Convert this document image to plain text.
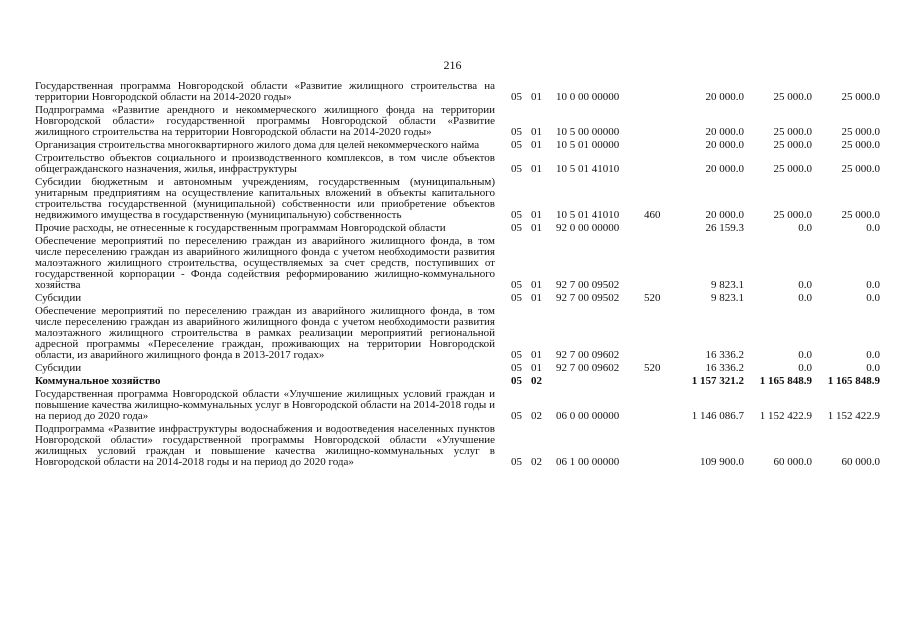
216
Государственная программа Новгородской области «Развитие жилищного строительства на территории Новгородской области на 2014-2020 годы»	05	01	10 0 00 00000		20 000.0	25 000.0	25 000.0
Подпрограмма «Развитие арендного и некоммерческого жилищного фонда на территории Новгородской области» государственной программы Новгородской области «Развитие жилищного строительства на территории Новгородской области на 2014-2020 годы»	05	01	10 5 00 00000		20 000.0	25 000.0	25 000.0
Организация строительства многоквартирного жилого дома для целей некоммерческого найма	05	01	10 5 01 00000		20 000.0	25 000.0	25 000.0
Строительство объектов социального и производственного комплексов, в том числе объектов общегражданского назначения, жилья, инфраструктуры	05	01	10 5 01 41010		20 000.0	25 000.0	25 000.0
Субсидии бюджетным и автономным учреждениям, государственным (муниципальным) унитарным предприятиям на осуществление капитальных вложений в объекты капитального строительства государственной (муниципальной) собственности или приобретение объектов недвижимого имущества в государственную (муниципальную) собственность	05	01	10 5 01 41010	460	20 000.0	25 000.0	25 000.0
Прочие расходы, не отнесенные к государственным программам Новгородской области	05	01	92 0 00 00000		26 159.3	0.0	0.0
Обеспечение мероприятий по переселению граждан из аварийного жилищного фонда, в том числе переселению граждан из аварийного жилищного фонда с учетом необходимости развития малоэтажного жилищного строительства, осуществляемых за счет средств, поступивших от государственной корпорации - Фонда содействия реформированию жилищно-коммунального хозяйства	05	01	92 7 00 09502		9 823.1	0.0	0.0
Субсидии	05	01	92 7 00 09502	520	9 823.1	0.0	0.0
Обеспечение мероприятий по переселению граждан из аварийного жилищного фонда, в том числе переселению граждан из аварийного жилищного фонда с учетом необходимости развития малоэтажного жилищного строительства в рамках реализации мероприятий региональной адресной программы «Переселение граждан, проживающих на территории Новгородской области, из аварийного жилищного фонда в 2013-2017 годах»	05	01	92 7 00 09602		16 336.2	0.0	0.0
Субсидии	05	01	92 7 00 09602	520	16 336.2	0.0	0.0
Коммунальное хозяйство	05	02			1 157 321.2	1 165 848.9	1 165 848.9
Государственная программа Новгородской области «Улучшение жилищных условий граждан и повышение качества жилищно-коммунальных услуг в Новгородской области на 2014-2018 годы и на период до 2020 года»	05	02	06 0 00 00000		1 146 086.7	1 152 422.9	1 152 422.9
Подпрограмма «Развитие инфраструктуры водоснабжения и водоотведения населенных пунктов Новгородской области» государственной программы Новгородской области «Улучшение жилищных условий граждан и повышение качества жилищно-коммунальных услуг в Новгородской области на 2014-2018 годы и на период до 2020 года»	05	02	06 1 00 00000		109 900.0	60 000.0	60 000.0
